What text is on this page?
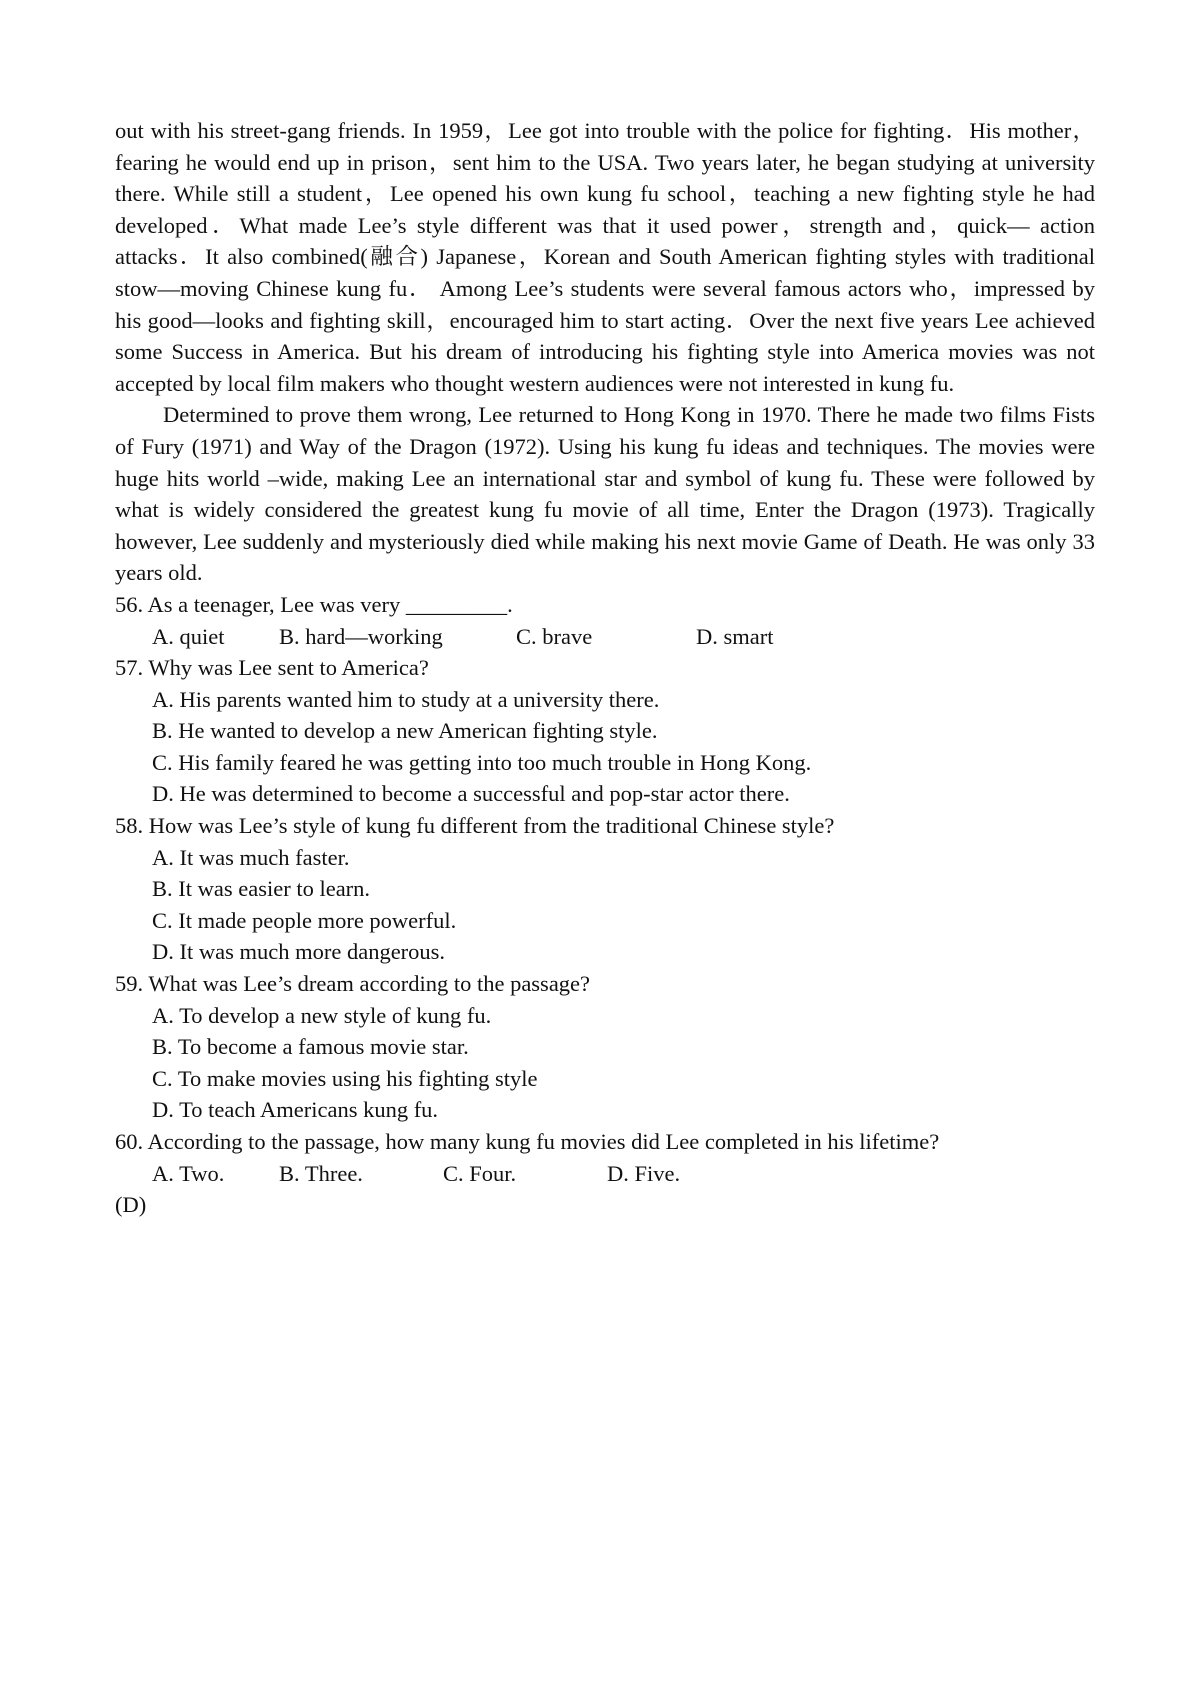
out with his street-gang friends. In 1959，Lee got into trouble with the police for fighting．His mother，fearing he would end up in prison，sent him to the USA. Two years later, he began studying at university there. While still a student，Lee opened his own kung fu school，teaching a new fighting style he had developed．What made Lee’s style different was that it used power，strength and，quick— action attacks．It also combined(融合) Japanese，Korean and South American fighting styles with traditional stow—moving Chinese kung fu． Among Lee’s students were several famous actors who，impressed by his good—looks and fighting skill，encouraged him to start acting．Over the next five years Lee achieved some Success in America. But his dream of introducing his fighting style into America movies was not accepted by local film makers who thought western audiences were not interested in kung fu.

Determined to prove them wrong, Lee returned to Hong Kong in 1970. There he made two films Fists of Fury (1971) and Way of the Dragon (1972). Using his kung fu ideas and techniques. The movies were huge hits world –wide, making Lee an international star and symbol of kung fu. These were followed by what is widely considered the greatest kung fu movie of all time, Enter the Dragon (1973). Tragically however, Lee suddenly and mysteriously died while making his next movie Game of Death. He was only 33 years old.

56. As a teenager, Lee was very _________.

A. quiet	B. hard—working	C. brave	D. smart

57. Why was Lee sent to America?

A. His parents wanted him to study at a university there.

B. He wanted to develop a new American fighting style.

C. His family feared he was getting into too much trouble in Hong Kong.

D. He was determined to become a successful and pop-star actor there.

58. How was Lee’s style of kung fu different from the traditional Chinese style?

A. It was much faster.

B. It was easier to learn.

C. It made people more powerful.

D. It was much more dangerous.

59. What was Lee’s dream according to the passage?

A. To develop a new style of kung fu.

B. To become a famous movie star.

C. To make movies using his fighting style

D. To teach Americans kung fu.

60. According to the passage, how many kung fu movies did Lee completed in his lifetime?

A. Two.	B. Three.	C. Four.	D. Five.

(D)
